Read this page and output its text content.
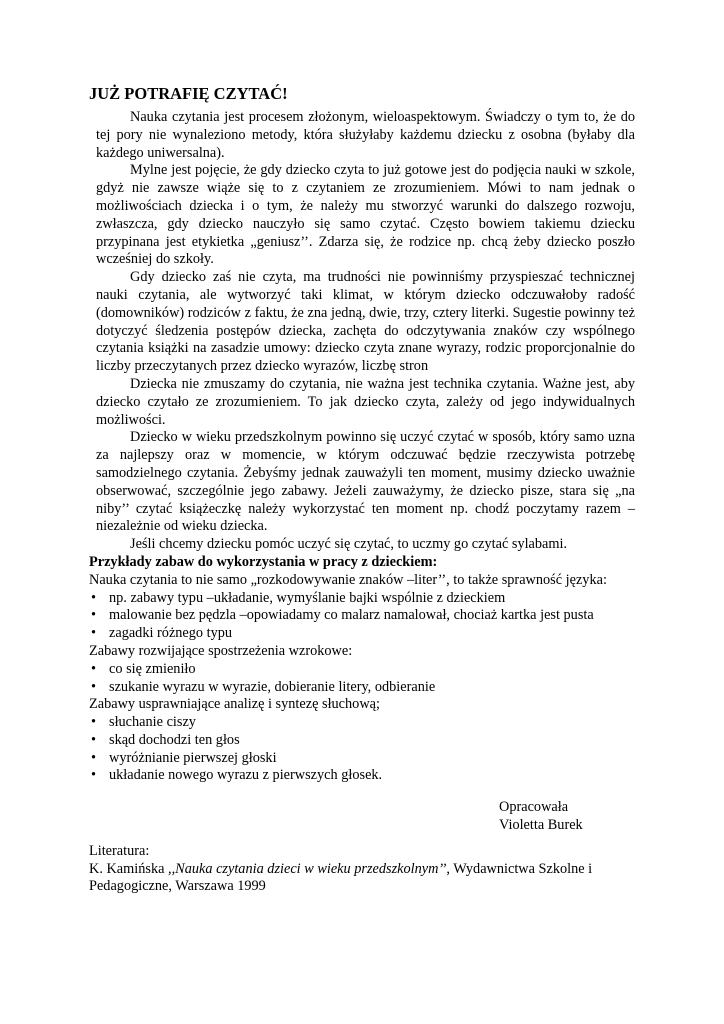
JUŻ POTRAFIĘ CZYTAĆ!

Nauka czytania jest procesem złożonym, wieloaspektowym. Świadczy o tym to, że do tej pory nie wynaleziono metody, która służyłaby każdemu dziecku z osobna (byłaby dla każdego uniwersalna).

Mylne jest pojęcie, że gdy dziecko czyta to już gotowe jest do podjęcia nauki w szkole, gdyż nie zawsze wiąże się to z czytaniem ze zrozumieniem. Mówi to nam jednak o możliwościach dziecka i o tym, że należy mu stworzyć warunki do dalszego rozwoju, zwłaszcza, gdy dziecko nauczyło się samo czytać. Często bowiem takiemu dziecku przypinana jest etykietka „geniusz’’. Zdarza się, że rodzice np. chcą żeby dziecko poszło wcześniej do szkoły.

Gdy dziecko zaś nie czyta, ma trudności nie powinniśmy przyspieszać technicznej nauki czytania, ale wytworzyć taki klimat, w którym dziecko odczuwałoby radość (domowników) rodziców z faktu, że zna jedną, dwie, trzy, cztery literki. Sugestie powinny też dotyczyć śledzenia postępów dziecka, zachęta do odczytywania znaków czy wspólnego czytania książki na zasadzie umowy: dziecko czyta znane wyrazy, rodzic proporcjonalnie do liczby przeczytanych przez dziecko wyrazów, liczbę stron

Dziecka nie zmuszamy do czytania, nie ważna jest technika czytania. Ważne jest, aby dziecko czytało ze zrozumieniem. To jak dziecko czyta, zależy od jego indywidualnych możliwości.

Dziecko w wieku przedszkolnym powinno się uczyć czytać w sposób, który samo uzna za najlepszy oraz w momencie, w którym odczuwać będzie rzeczywista potrzebę samodzielnego czytania. Żebyśmy jednak zauważyli ten moment, musimy dziecko uważnie obserwować, szczególnie jego zabawy. Jeżeli zauważymy, że dziecko pisze, stara się „na niby’’ czytać książeczkę należy wykorzystać ten moment np. chodź poczytamy razem – niezależnie od wieku dziecka.

Jeśli chcemy dziecku pomóc uczyć się czytać, to uczmy go czytać sylabami.

Przykłady zabaw do wykorzystania w pracy z dzieckiem:

Nauka czytania to nie samo „rozkodowywanie znaków –liter’’, to także sprawność języka:

• np. zabawy typu –układanie, wymyślanie bajki wspólnie z dzieckiem
• malowanie bez pędzla –opowiadamy co malarz namalował, chociaż kartka jest pusta
• zagadki różnego typu

Zabawy rozwijające spostrzeżenia wzrokowe:

• co się zmieniło
• szukanie wyrazu w wyrazie, dobieranie litery, odbieranie

Zabawy usprawniające analizę i syntezę słuchową;

• słuchanie ciszy
• skąd dochodzi ten głos
• wyróżnianie pierwszej głoski
• układanie nowego wyrazu z pierwszych głosek.
Opracowała
Violetta Burek
Literatura:
K. Kamińska ,,Nauka czytania dzieci w wieku przedszkolnym’’, Wydawnictwa Szkolne i Pedagogiczne, Warszawa 1999
